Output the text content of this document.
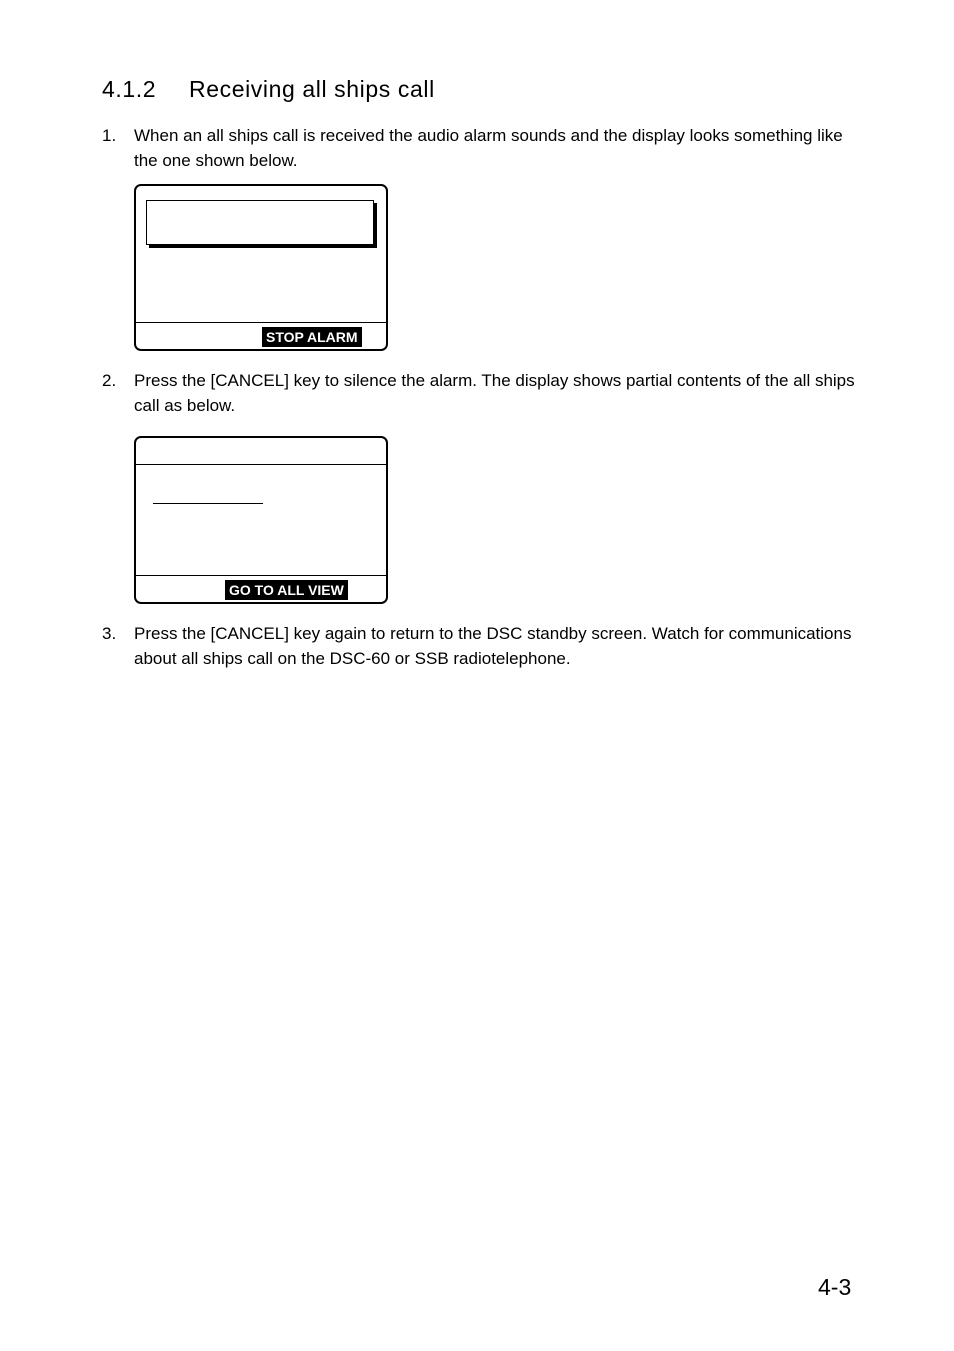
4.1.2 Receiving all ships call
1. When an all ships call is received the audio alarm sounds and the display looks something like the one shown below.
STOP ALARM
2. Press the [CANCEL] key to silence the alarm. The display shows partial contents of the all ships call as below.
GO TO ALL VIEW
3. Press the [CANCEL] key again to return to the DSC standby screen. Watch for communications about all ships call on the DSC-60 or SSB radiotelephone.
4-3
